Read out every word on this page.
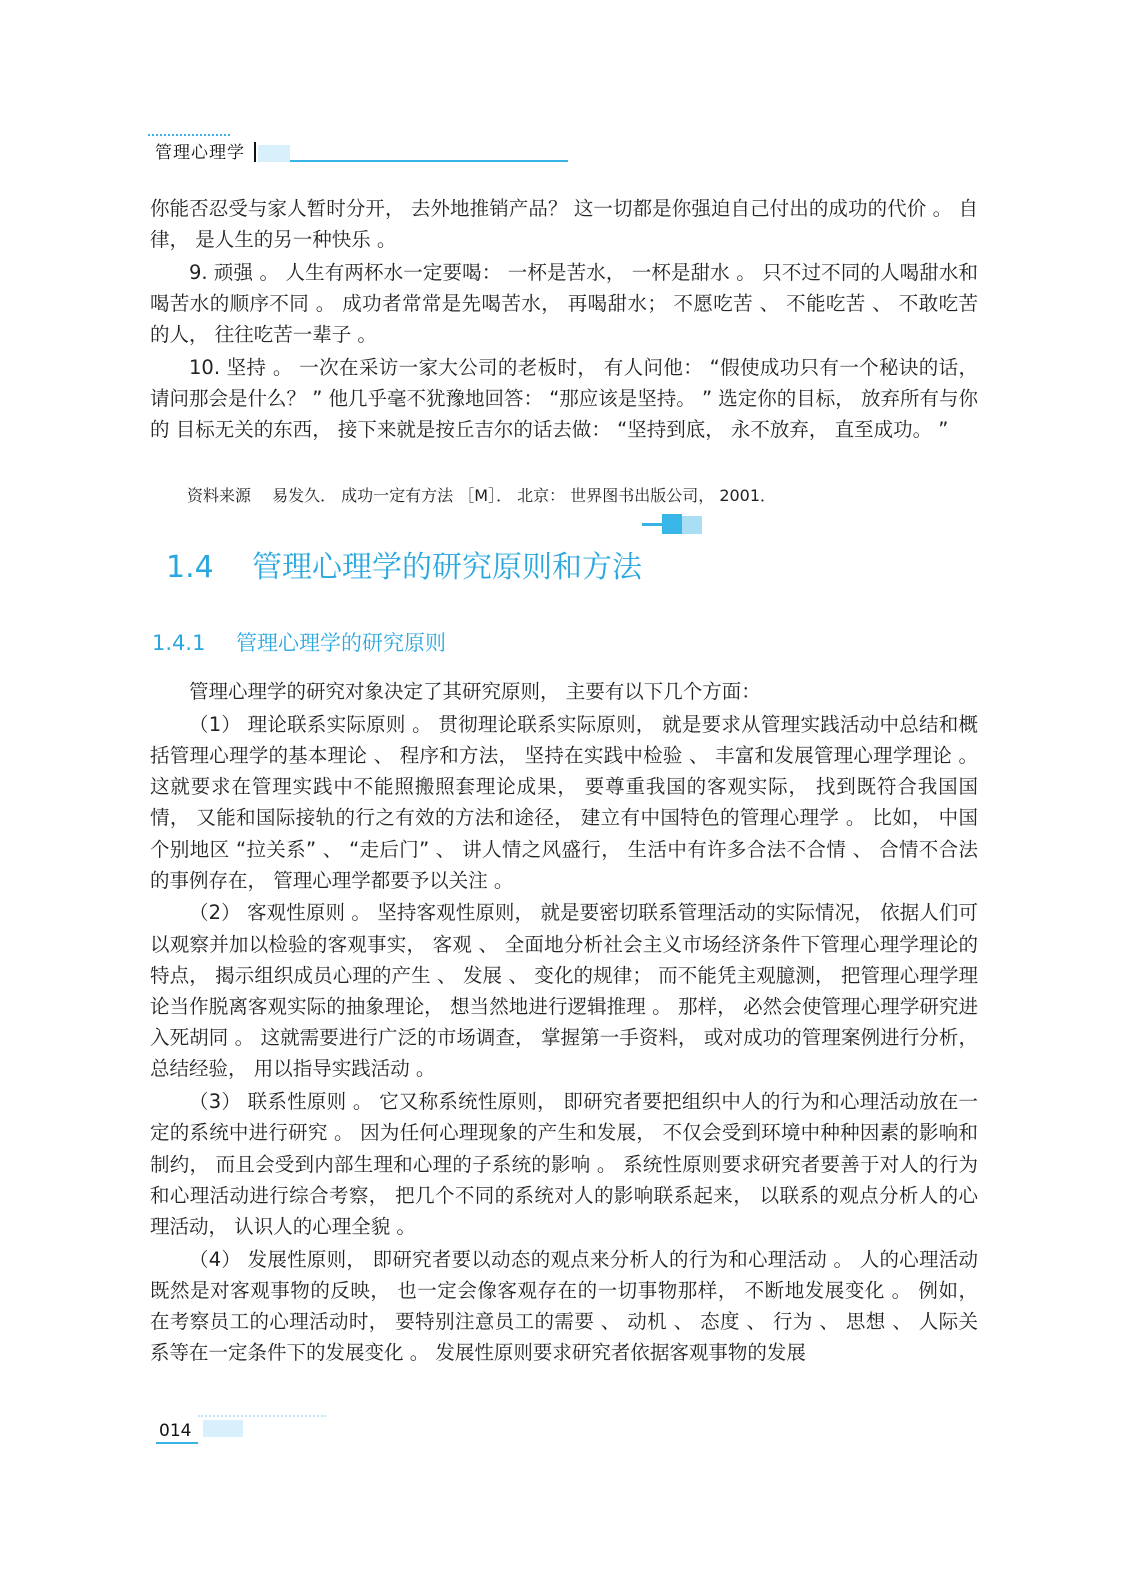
管理心理学

你能否忍受与家人暂时分开， 去外地推销产品？ 这一切都是你强迫自己付出的成功的代价 。 自律， 是人生的另一种快乐 。

9. 顽强 。 人生有两杯水一定要喝： 一杯是苦水， 一杯是甜水 。 只不过不同的人喝甜水和喝苦水的顺序不同 。 成功者常常是先喝苦水， 再喝甜水； 不愿吃苦 、 不能吃苦 、 不敢吃苦的人， 往往吃苦一辈子 。

10. 坚持 。 一次在采访一家大公司的老板时， 有人问他： “假使成功只有一个秘诀的话， 请问那会是什么？ ” 他几乎毫不犹豫地回答： “那应该是坚持。 ” 选定你的目标， 放弃所有与你的 目标无关的东西， 接下来就是按丘吉尔的话去做： “坚持到底， 永不放弃， 直至成功。 ”

资料来源　 易发久． 成功一定有方法 ［M］． 北京： 世界图书出版公司， 2001．
1.4 管理心理学的研究原则和方法
1.4.1 管理心理学的研究原则

管理心理学的研究对象决定了其研究原则， 主要有以下几个方面：

（1） 理论联系实际原则 。 贯彻理论联系实际原则， 就是要求从管理实践活动中总结和概括管理心理学的基本理论 、 程序和方法， 坚持在实践中检验 、 丰富和发展管理心理学理论 。 这就要求在管理实践中不能照搬照套理论成果， 要尊重我国的客观实际， 找到既符合我国国情， 又能和国际接轨的行之有效的方法和途径， 建立有中国特色的管理心理学 。 比如， 中国个别地区 “拉关系” 、 “走后门” 、 讲人情之风盛行， 生活中有许多合法不合情 、 合情不合法的事例存在， 管理心理学都要予以关注 。

（2） 客观性原则 。 坚持客观性原则， 就是要密切联系管理活动的实际情况， 依据人们可以观察并加以检验的客观事实， 客观 、 全面地分析社会主义市场经济条件下管理心理学理论的特点， 揭示组织成员心理的产生 、 发展 、 变化的规律； 而不能凭主观臆测， 把管理心理学理论当作脱离客观实际的抽象理论， 想当然地进行逻辑推理 。 那样， 必然会使管理心理学研究进入死胡同 。 这就需要进行广泛的市场调查， 掌握第一手资料， 或对成功的管理案例进行分析， 总结经验， 用以指导实践活动 。

（3） 联系性原则 。 它又称系统性原则， 即研究者要把组织中人的行为和心理活动放在一定的系统中进行研究 。 因为任何心理现象的产生和发展， 不仅会受到环境中种种因素的影响和制约， 而且会受到内部生理和心理的子系统的影响 。 系统性原则要求研究者要善于对人的行为和心理活动进行综合考察， 把几个不同的系统对人的影响联系起来， 以联系的观点分析人的心理活动， 认识人的心理全貌 。

（4） 发展性原则， 即研究者要以动态的观点来分析人的行为和心理活动 。 人的心理活动既然是对客观事物的反映， 也一定会像客观存在的一切事物那样， 不断地发展变化 。 例如， 在考察员工的心理活动时， 要特别注意员工的需要 、 动机 、 态度 、 行为 、 思想 、 人际关系等在一定条件下的发展变化 。 发展性原则要求研究者依据客观事物的发展

014
